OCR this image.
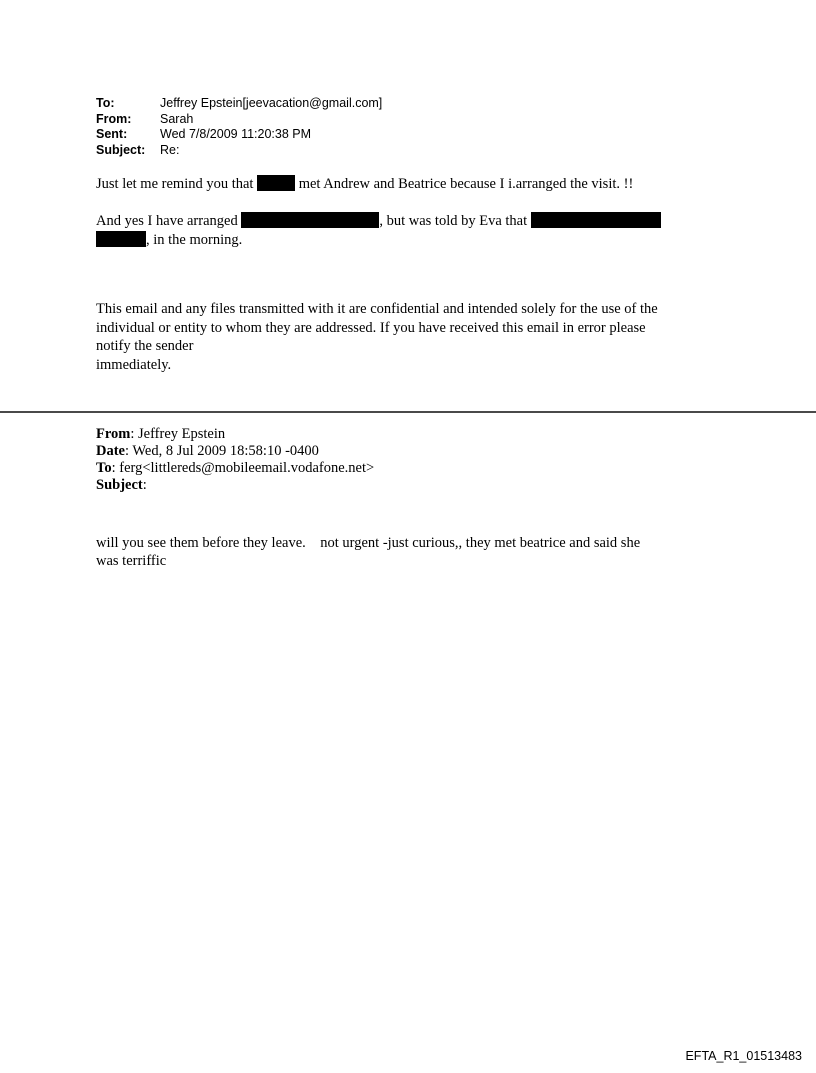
To:	Jeffrey Epstein[jeevacation@gmail.com]
From:	Sarah
Sent:	Wed 7/8/2009 11:20:38 PM
Subject:	Re:
Just let me remind you that	met Andrew and Beatrice because I i.arranged the visit. !!
And yes I have arranged	, but was told by Eva that
, in the morning.
This email and any files transmitted with it are confidential and intended solely for the use of the
individual or entity to whom they are addressed. If you have received this email in error please
notify the sender
immediately.
From: Jeffrey Epstein
Date: Wed, 8 Jul 2009 18:58:10 -0400
To: ferg<littlereds@mobileemail.vodafone.net>
Subject:
will you see them before they leave.    not urgent -just curious,, they met beatrice and said she
was terriffic
EFTA_R1_01513483
